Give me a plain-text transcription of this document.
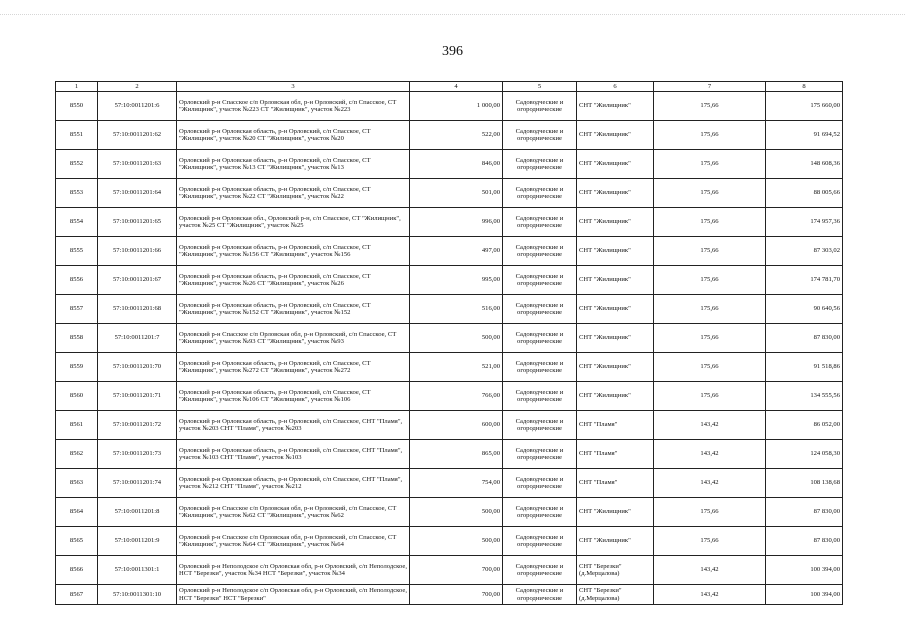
396
1	2	3	4	5	6	7	8
8550	57:10:0011201:6	Орловский р-н Спасское с/п Орловская обл, р-н Орловский, с/п Спасское, СТ "Жилищник", участок №223 СТ "Жилищник", участок №223	1 000,00	Садоводческие и огороднические	СНТ "Жилищник"	175,66	175 660,00
8551	57:10:0011201:62	Орловский р-н Орловская область, р-н Орловский, с/п Спасское, СТ "Жилищник", участок №20 СТ "Жилищник", участок №20	522,00	Садоводческие и огороднические	СНТ "Жилищник"	175,66	91 694,52
8552	57:10:0011201:63	Орловский р-н Орловская область, р-н Орловский, с/п Спасское, СТ "Жилищник", участок №13 СТ "Жилищник", участок №13	846,00	Садоводческие и огороднические	СНТ "Жилищник"	175,66	148 608,36
8553	57:10:0011201:64	Орловский р-н Орловская область, р-н Орловский, с/п Спасское, СТ "Жилищник", участок №22 СТ "Жилищник", участок №22	501,00	Садоводческие и огороднические	СНТ "Жилищник"	175,66	88 005,66
8554	57:10:0011201:65	Орловский р-н Орловская обл., Орловский р-н, с/п Спасское, СТ "Жилищник", участок №25 СТ "Жилищник", участок №25	996,00	Садоводческие и огороднические	СНТ "Жилищник"	175,66	174 957,36
8555	57:10:0011201:66	Орловский р-н Орловская область, р-н Орловский, с/п Спасское, СТ "Жилищник", участок №156 СТ "Жилищник", участок №156	497,00	Садоводческие и огороднические	СНТ "Жилищник"	175,66	87 303,02
8556	57:10:0011201:67	Орловский р-н Орловская область, р-н Орловский, с/п Спасское, СТ "Жилищник", участок №26 СТ "Жилищник", участок №26	995,00	Садоводческие и огороднические	СНТ "Жилищник"	175,66	174 781,70
8557	57:10:0011201:68	Орловский р-н Орловская область, р-н Орловский, с/п Спасское, СТ "Жилищник", участок №152 СТ "Жилищник", участок №152	516,00	Садоводческие и огороднические	СНТ "Жилищник"	175,66	90 640,56
8558	57:10:0011201:7	Орловский р-н Спасское с/п Орловская обл, р-н Орловский, с/п Спасское, СТ "Жилищник", участок №93 СТ "Жилищник", участок №93	500,00	Садоводческие и огороднические	СНТ "Жилищник"	175,66	87 830,00
8559	57:10:0011201:70	Орловский р-н Орловская область, р-н Орловский, с/п Спасское, СТ "Жилищник", участок №272 СТ "Жилищник", участок №272	521,00	Садоводческие и огороднические	СНТ "Жилищник"	175,66	91 518,86
8560	57:10:0011201:71	Орловский р-н Орловская область, р-н Орловский, с/п Спасское, СТ "Жилищник", участок №106 СТ "Жилищник", участок №106	766,00	Садоводческие и огороднические	СНТ "Жилищник"	175,66	134 555,56
8561	57:10:0011201:72	Орловский р-н Орловская область, р-н Орловский, с/п Спасское, СНТ "Пламя", участок №203 СНТ "Пламя", участок №203	600,00	Садоводческие и огороднические	СНТ "Пламя"	143,42	86 052,00
8562	57:10:0011201:73	Орловский р-н Орловская область, р-н Орловский, с/п Спасское, СНТ "Пламя", участок №103 СНТ "Пламя", участок №103	865,00	Садоводческие и огороднические	СНТ "Пламя"	143,42	124 058,30
8563	57:10:0011201:74	Орловский р-н Орловская область, р-н Орловский, с/п Спасское, СНТ "Пламя", участок №212 СНТ "Пламя", участок №212	754,00	Садоводческие и огороднические	СНТ "Пламя"	143,42	108 138,68
8564	57:10:0011201:8	Орловский р-н Спасское с/п Орловская обл, р-н Орловский, с/п Спасское, СТ "Жилищник", участок №62 СТ "Жилищник", участок №62	500,00	Садоводческие и огороднические	СНТ "Жилищник"	175,66	87 830,00
8565	57:10:0011201:9	Орловский р-н Спасское с/п Орловская обл, р-н Орловский, с/п Спасское, СТ "Жилищник", участок №64 СТ "Жилищник", участок №64	500,00	Садоводческие и огороднические	СНТ "Жилищник"	175,66	87 830,00
8566	57:10:0011301:1	Орловский р-н Неполодское с/п Орловская обл, р-н Орловский, с/п Неполодское, НСТ "Березки", участок №34 НСТ "Березки", участок №34	700,00	Садоводческие и огороднические	СНТ "Березки" (д.Мерцалова)	143,42	100 394,00
8567	57:10:0011301:10	Орловский р-н Неполодское с/п Орловская обл, р-н Орловский, с/п Неполодское, НСТ "Березки" НСТ "Березки"	700,00	Садоводческие и огороднические	СНТ "Березки" (д.Мерцалова)	143,42	100 394,00
